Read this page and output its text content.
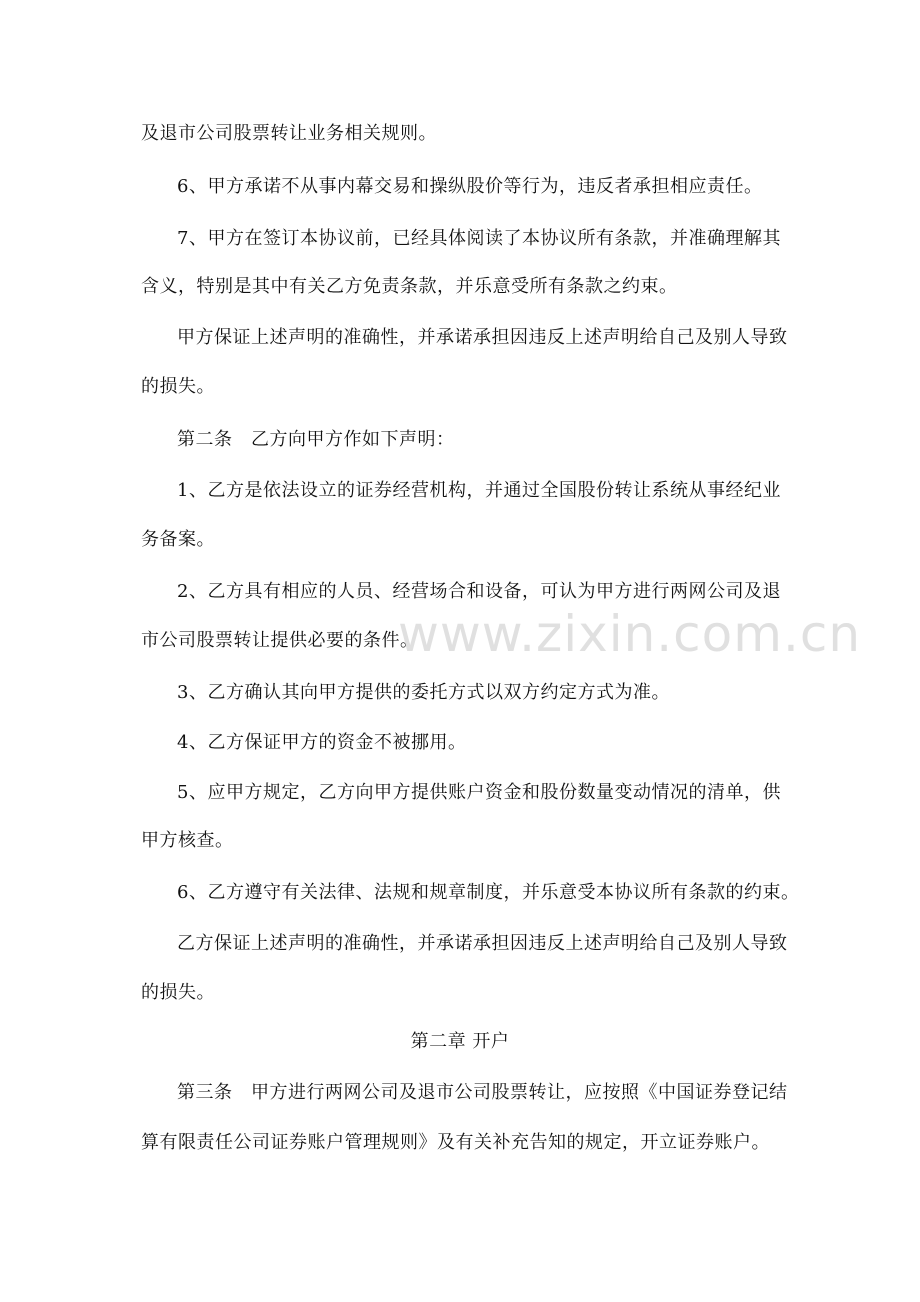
及退市公司股票转让业务相关规则。
6、甲方承诺不从事内幕交易和操纵股价等行为，违反者承担相应责任。
7、甲方在签订本协议前，已经具体阅读了本协议所有条款，并准确理解其
含义，特别是其中有关乙方免责条款，并乐意受所有条款之约束。
甲方保证上述声明的准确性，并承诺承担因违反上述声明给自己及别人导致
的损失。
第二条　乙方向甲方作如下声明：
1、乙方是依法设立的证券经营机构，并通过全国股份转让系统从事经纪业
务备案。
2、乙方具有相应的人员、经营场合和设备，可认为甲方进行两网公司及退
市公司股票转让提供必要的条件。
3、乙方确认其向甲方提供的委托方式以双方约定方式为准。
4、乙方保证甲方的资金不被挪用。
5、应甲方规定，乙方向甲方提供账户资金和股份数量变动情况的清单，供
甲方核查。
6、乙方遵守有关法律、法规和规章制度，并乐意受本协议所有条款的约束。
乙方保证上述声明的准确性，并承诺承担因违反上述声明给自己及别人导致
的损失。
第二章 开户
第三条　甲方进行两网公司及退市公司股票转让，应按照《中国证券登记结
算有限责任公司证券账户管理规则》及有关补充告知的规定，开立证券账户。
www.zixin.com.cn
